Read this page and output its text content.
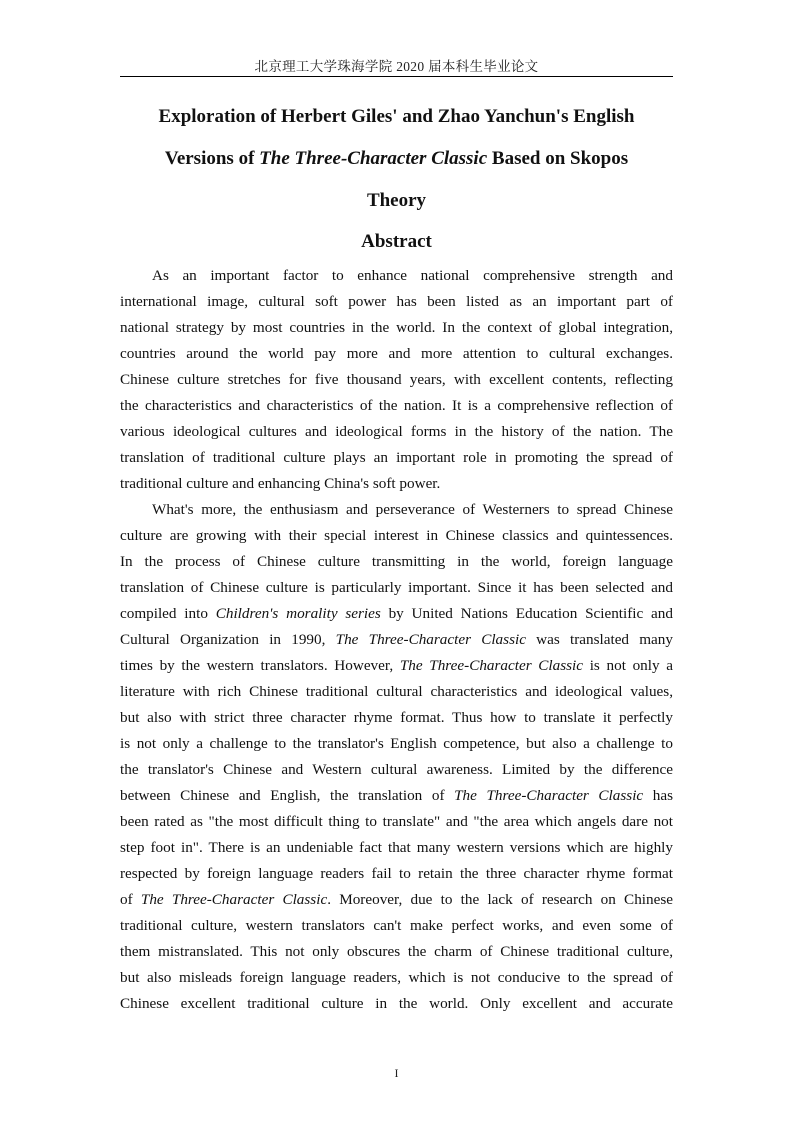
北京理工大学珠海学院 2020 届本科生毕业论文
Exploration of Herbert Giles' and Zhao Yanchun's English
Versions of The Three-Character Classic Based on Skopos
Theory
Abstract
As an important factor to enhance national comprehensive strength and
international image, cultural soft power has been listed as an important part of
national strategy by most countries in the world. In the context of global integration,
countries around the world pay more and more attention to cultural exchanges.
Chinese culture stretches for five thousand years, with excellent contents, reflecting
the characteristics and characteristics of the nation. It is a comprehensive reflection of
various ideological cultures and ideological forms in the history of the nation. The
translation of traditional culture plays an important role in promoting the spread of
traditional culture and enhancing China's soft power.
What's more, the enthusiasm and perseverance of Westerners to spread Chinese
culture are growing with their special interest in Chinese classics and quintessences.
In the process of Chinese culture transmitting in the world, foreign language
translation of Chinese culture is particularly important. Since it has been selected and
compiled into Children's morality series by United Nations Education Scientific and
Cultural Organization in 1990, The Three-Character Classic was translated many
times by the western translators. However, The Three-Character Classic is not only a
literature with rich Chinese traditional cultural characteristics and ideological values,
but also with strict three character rhyme format. Thus how to translate it perfectly
is not only a challenge to the translator's English competence, but also a challenge to
the translator's Chinese and Western cultural awareness. Limited by the difference
between Chinese and English, the translation of The Three-Character Classic has
been rated as "the most difficult thing to translate" and "the area which angels dare not
step foot in". There is an undeniable fact that many western versions which are highly
respected by foreign language readers fail to retain the three character rhyme format
of The Three-Character Classic. Moreover, due to the lack of research on Chinese
traditional culture, western translators can't make perfect works, and even some of
them mistranslated. This not only obscures the charm of Chinese traditional culture,
but also misleads foreign language readers, which is not conducive to the spread of
Chinese excellent traditional culture in the world. Only excellent and accurate
I
